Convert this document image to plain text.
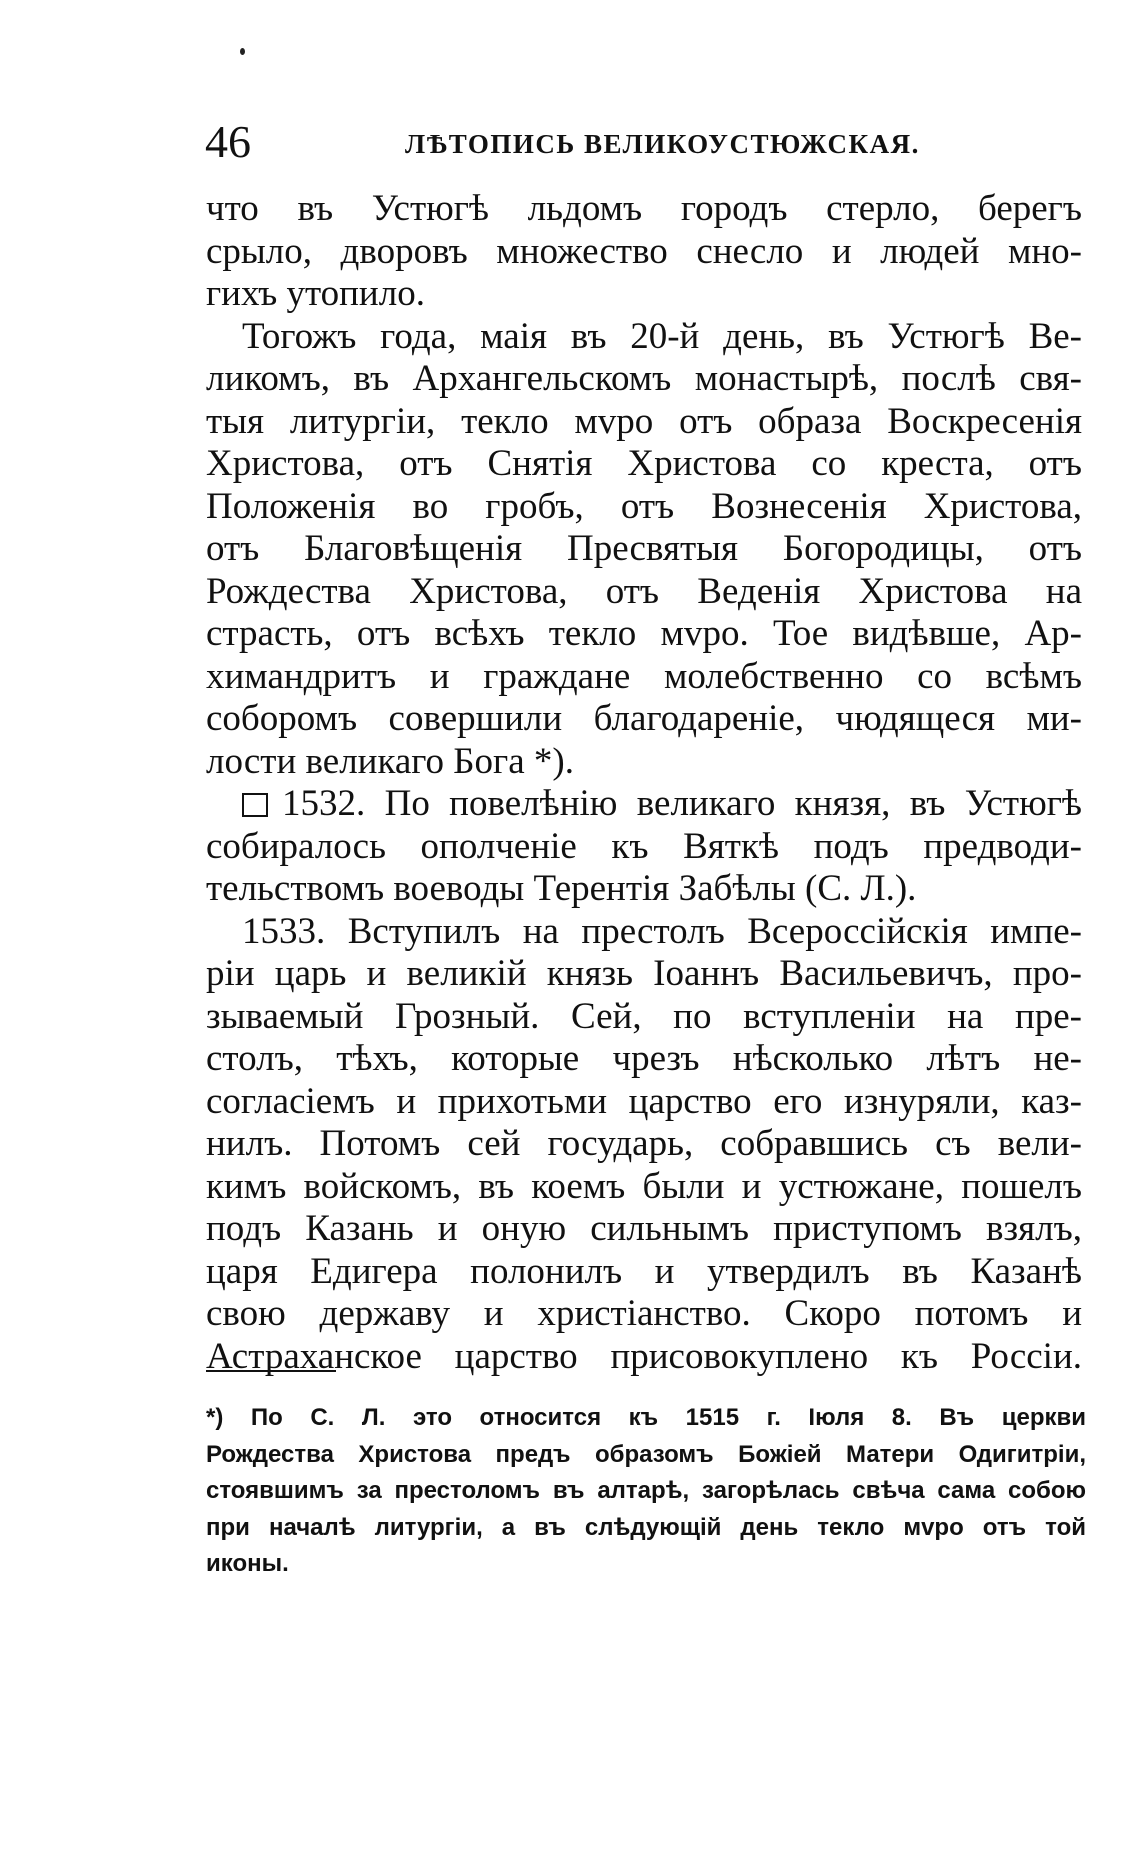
46	ЛѢТОПИСЬ ВЕЛИКОУСТЮЖСКАЯ.
что въ Устюгѣ льдомъ городъ стерло, берегъ
срыло, дворовъ множество снесло и людей мно-
гихъ утопило.
Тогожъ года, маія въ 20-й день, въ Устюгѣ Ве-
ликомъ, въ Архангельскомъ монастырѣ, послѣ свя-
тыя литургіи, текло мvро отъ образа Воскресенія
Христова, отъ Снятія Христова со креста, отъ
Положенія во гробъ, отъ Вознесенія Христова,
отъ Благовѣщенія Пресвятыя Богородицы, отъ
Рождества Христова, отъ Веденія Христова на
страсть, отъ всѣхъ текло мvро. Тое видѣвше, Ар-
химандритъ и граждане молебственно со всѣмъ
соборомъ совершили благодареніе, чюдящеся ми-
лости великаго Бога *).
1532. По повелѣнію великаго князя, въ Устюгѣ
собиралось ополченіе къ Вяткѣ подъ предводи-
тельствомъ воеводы Терентія Забѣлы (С. Л.).
1533. Вступилъ на престолъ Всероссійскія импе-
ріи царь и великій князь Іоаннъ Васильевичъ, про-
зываемый Грозный. Сей, по вступленіи на пре-
столъ, тѣхъ, которые чрезъ нѣсколько лѣтъ не-
согласіемъ и прихотьми царство его изнуряли, каз-
нилъ. Потомъ сей государь, собравшись съ вели-
кимъ войскомъ, въ коемъ были и устюжане, пошелъ
подъ Казань и оную сильнымъ приступомъ взялъ,
царя Едигера полонилъ и утвердилъ въ Казанѣ
свою державу и христіанство. Скоро потомъ и
Астраханское царство присовокуплено къ Россіи.
*) По С. Л. это относится къ 1515 г. Іюля 8. Въ церкви
Рождества Христова предъ образомъ Божіей Матери Одигитріи,
стоявшимъ за престоломъ въ алтарѣ, загорѣлась свѣча сама собою
при началѣ литургіи, а въ слѣдующій день текло мvро отъ той
иконы.
